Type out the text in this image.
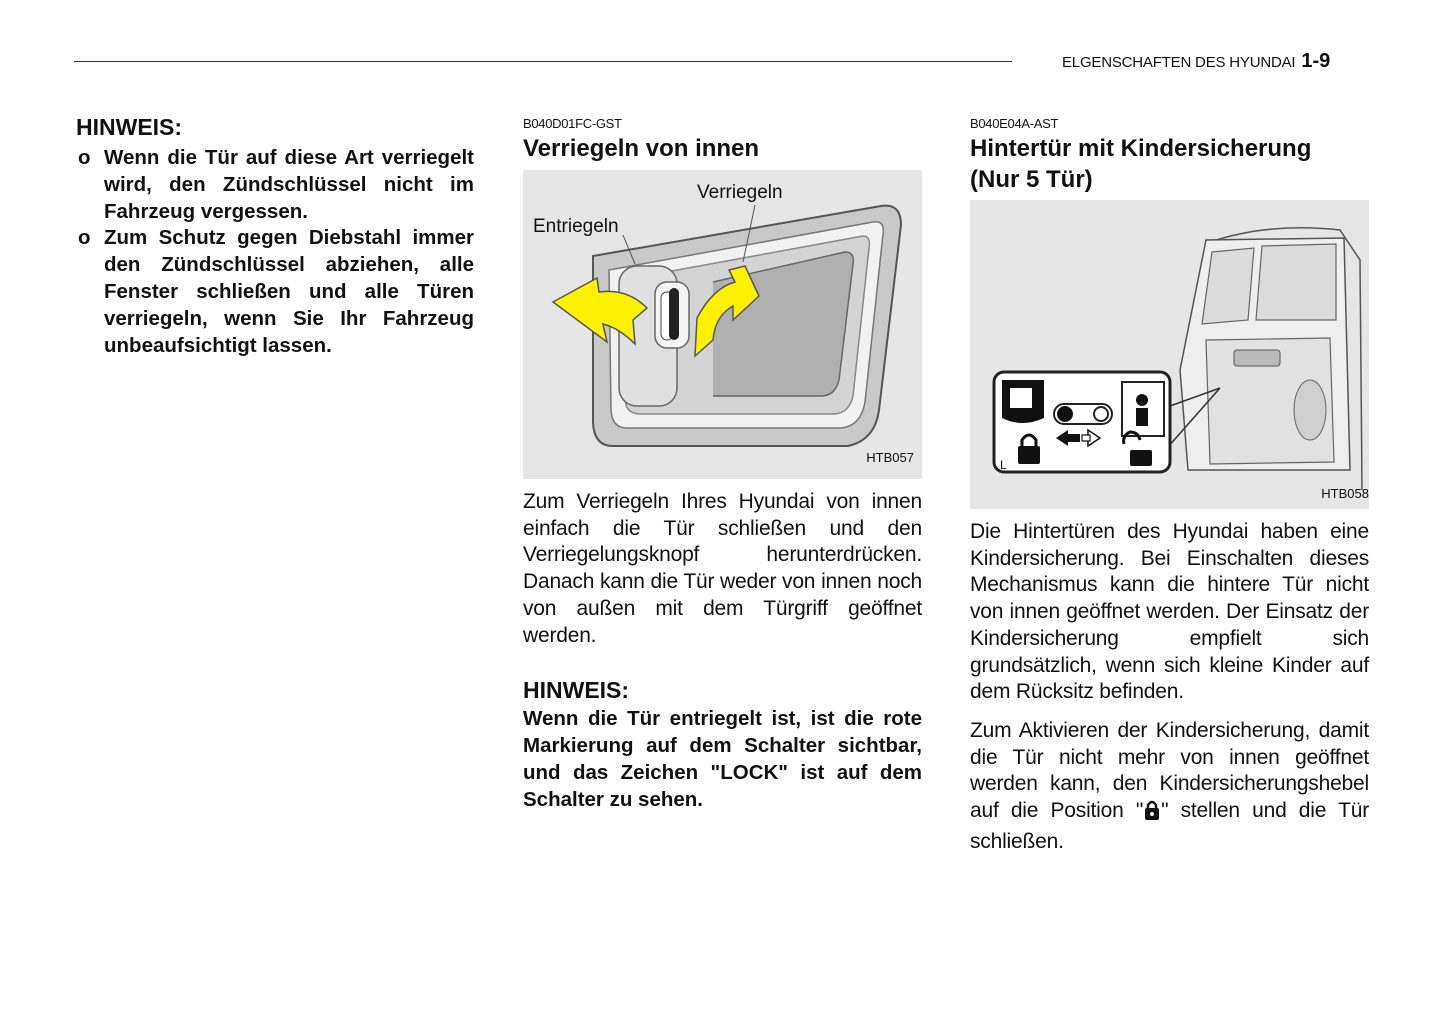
ELGENSCHAFTEN DES HYUNDAI 1-9
HINWEIS:
o Wenn die Tür auf diese Art verriegelt wird, den Zündschlüssel nicht im Fahrzeug vergessen.
o Zum Schutz gegen Diebstahl immer den Zündschlüssel abziehen, alle Fenster schließen und alle Türen verriegeln, wenn Sie Ihr Fahrzeug unbeaufsichtigt lassen.

B040D01FC-GST

Verriegeln von innen
Verriegeln
Entriegeln
HTB057

Zum Verriegeln Ihres Hyundai von innen einfach die Tür schließen und den Verriegelungsknopf herunterdrücken. Danach kann die Tür weder von innen noch von außen mit dem Türgriff geöffnet werden.

HINWEIS:

Wenn die Tür entriegelt ist, ist die rote Markierung auf dem Schalter sichtbar, und das Zeichen "LOCK" ist auf dem Schalter zu sehen.

B040E04A-AST

Hintertür mit Kindersicherung
(Nur 5 Tür)
L
HTB058

Die Hintertüren des Hyundai haben eine Kindersicherung. Bei Einschalten dieses Mechanismus kann die hintere Tür nicht von innen geöffnet werden. Der Einsatz der Kindersicherung empfielt sich grundsätzlich, wenn sich kleine Kinder auf dem Rücksitz befinden.

Zum Aktivieren der Kindersicherung, damit die Tür nicht mehr von innen geöffnet werden kann, den Kindersicherungshebel auf die Position " " stellen und die Tür schließen.
